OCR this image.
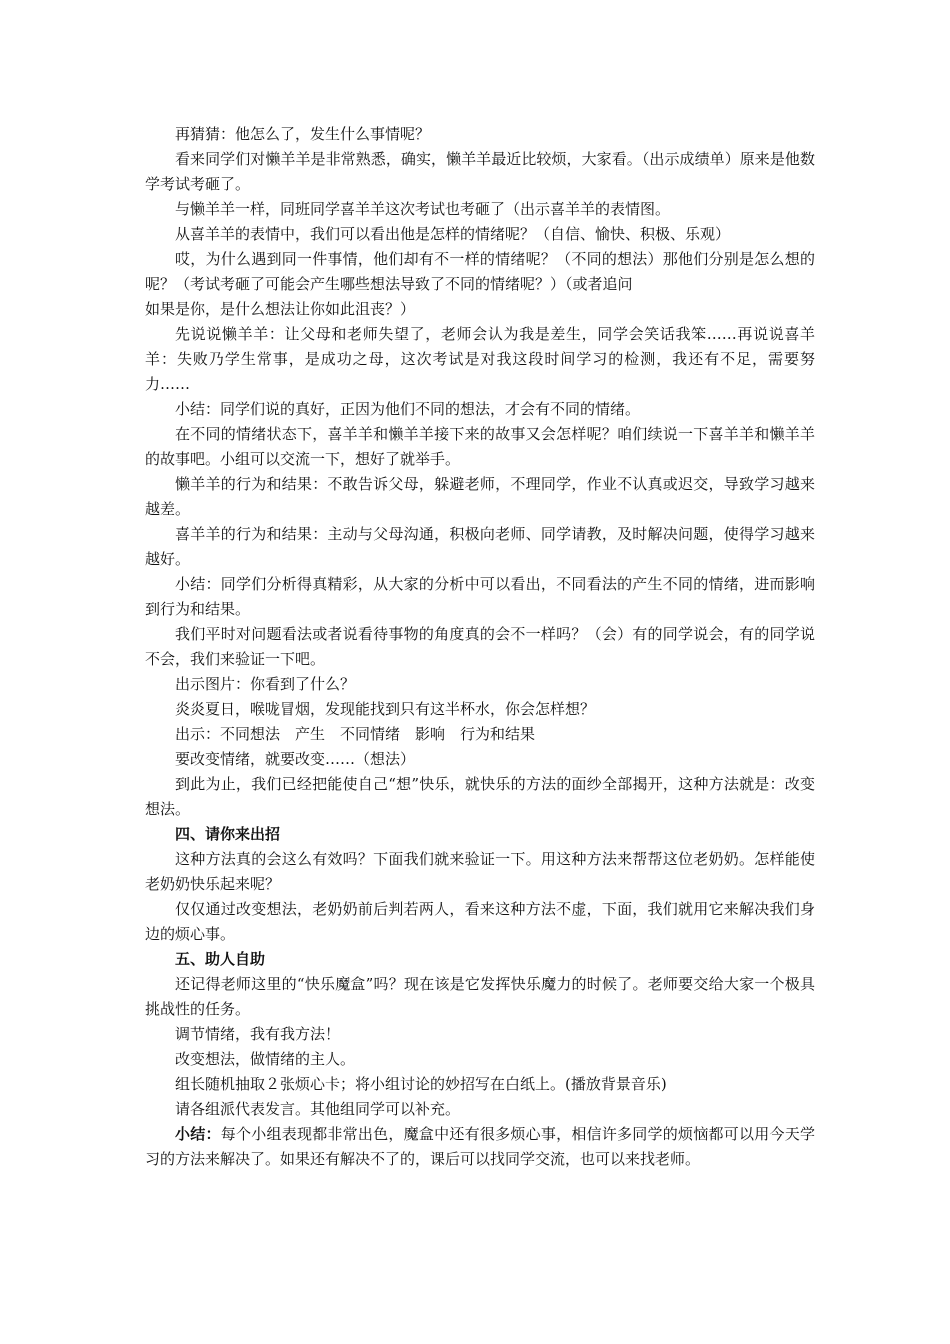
再猜猜：他怎么了，发生什么事情呢？

看来同学们对懒羊羊是非常熟悉，确实，懒羊羊最近比较烦，大家看。（出示成绩单）原来是他数学考试考砸了。

与懒羊羊一样，同班同学喜羊羊这次考试也考砸了（出示喜羊羊的表情图。

从喜羊羊的表情中，我们可以看出他是怎样的情绪呢？（自信、愉快、积极、乐观）

哎，为什么遇到同一件事情，他们却有不一样的情绪呢？（不同的想法）那他们分别是怎么想的呢？（考试考砸了可能会产生哪些想法导致了不同的情绪呢？）（或者追问

如果是你，是什么想法让你如此沮丧？）

先说说懒羊羊：让父母和老师失望了，老师会认为我是差生，同学会笑话我笨……再说说喜羊羊：失败乃学生常事，是成功之母，这次考试是对我这段时间学习的检测，我还有不足，需要努力……

小结：同学们说的真好，正因为他们不同的想法，才会有不同的情绪。

在不同的情绪状态下，喜羊羊和懒羊羊接下来的故事又会怎样呢？咱们续说一下喜羊羊和懒羊羊的故事吧。小组可以交流一下，想好了就举手。

懒羊羊的行为和结果：不敢告诉父母，躲避老师，不理同学，作业不认真或迟交，导致学习越来越差。

喜羊羊的行为和结果：主动与父母沟通，积极向老师、同学请教，及时解决问题，使得学习越来越好。

小结：同学们分析得真精彩，从大家的分析中可以看出，不同看法的产生不同的情绪，进而影响到行为和结果。

我们平时对问题看法或者说看待事物的角度真的会不一样吗？（会）有的同学说会，有的同学说不会，我们来验证一下吧。

出示图片：你看到了什么？

炎炎夏日，喉咙冒烟，发现能找到只有这半杯水，你会怎样想？

出示：不同想法　产生　不同情绪　影响　行为和结果

要改变情绪，就要改变……（想法）

到此为止，我们已经把能使自己“想”快乐，就快乐的方法的面纱全部揭开，这种方法就是：改变想法。

四、请你来出招

这种方法真的会这么有效吗？下面我们就来验证一下。用这种方法来帮帮这位老奶奶。怎样能使老奶奶快乐起来呢？

仅仅通过改变想法，老奶奶前后判若两人，看来这种方法不虚，下面，我们就用它来解决我们身边的烦心事。

五、助人自助

还记得老师这里的“快乐魔盒”吗？现在该是它发挥快乐魔力的时候了。老师要交给大家一个极具挑战性的任务。

调节情绪，我有我方法！

改变想法，做情绪的主人。

组长随机抽取２张烦心卡；将小组讨论的妙招写在白纸上。(播放背景音乐)

请各组派代表发言。其他组同学可以补充。

小结：每个小组表现都非常出色，魔盒中还有很多烦心事，相信许多同学的烦恼都可以用今天学习的方法来解决了。如果还有解决不了的，课后可以找同学交流，也可以来找老师。
